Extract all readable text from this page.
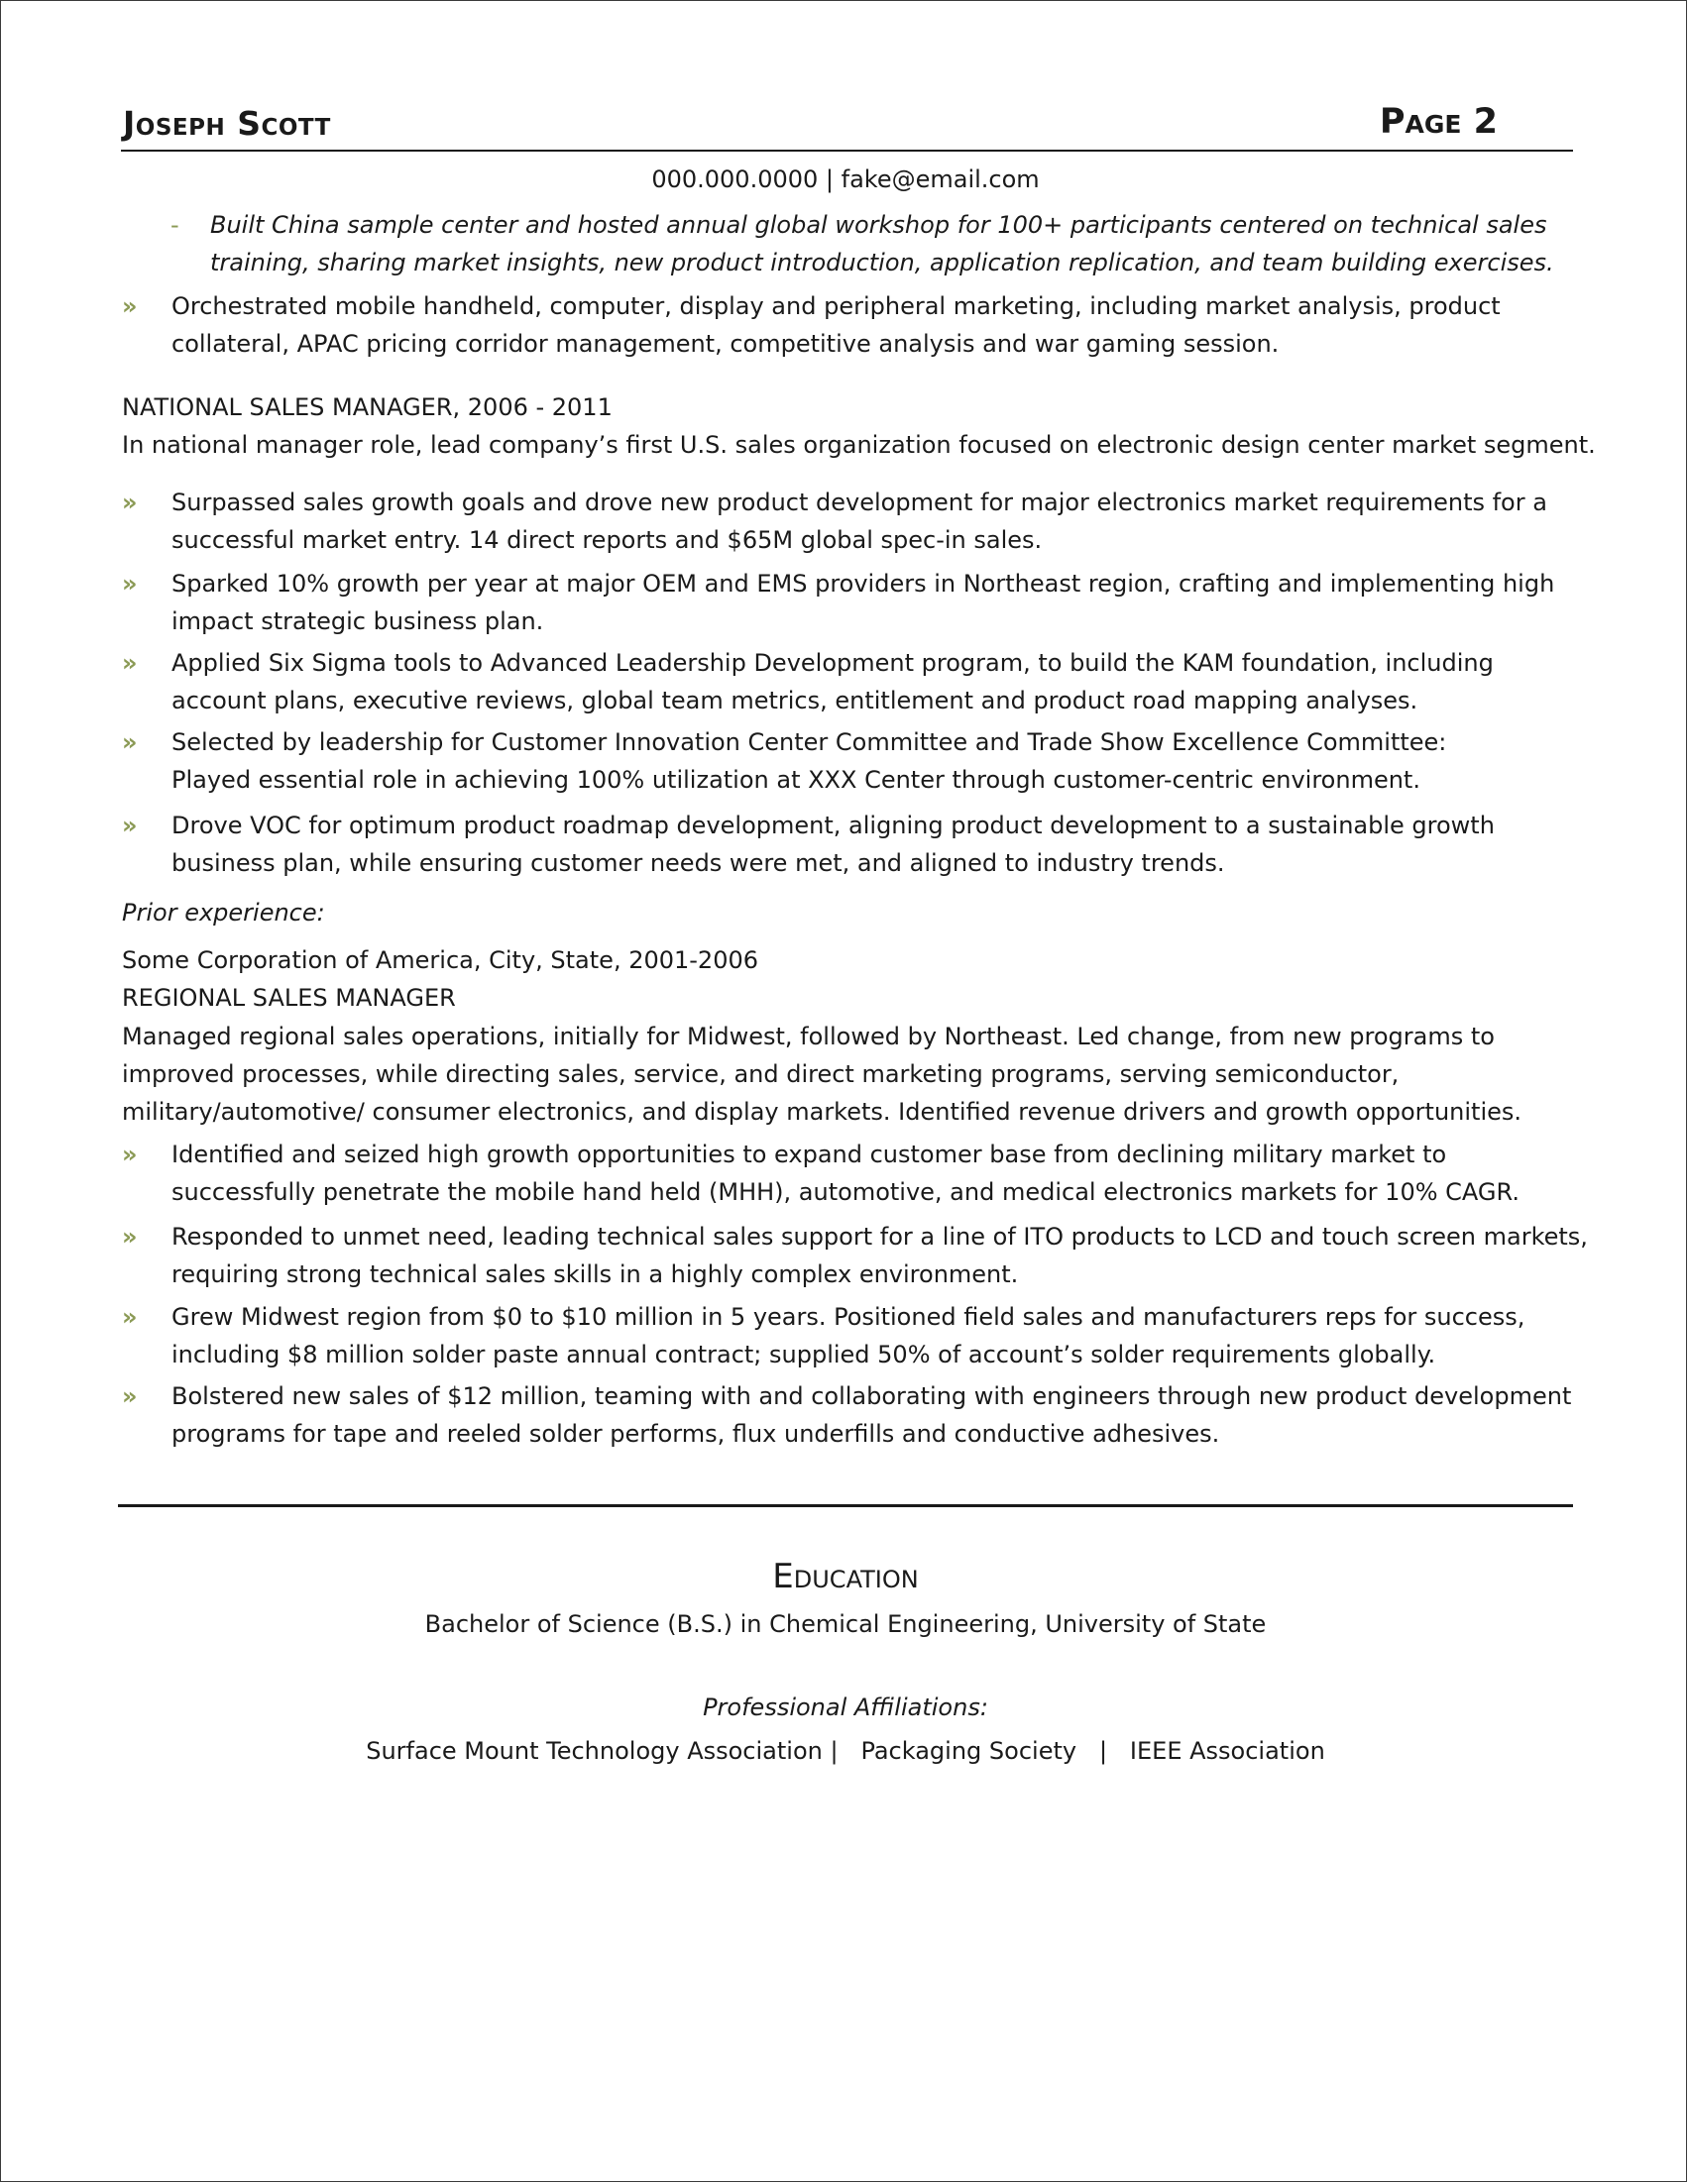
Joseph Scott	Page 2
000.000.0000 | fake@email.com
- Built China sample center and hosted annual global workshop for 100+ participants centered on technical sales
training, sharing market insights, new product introduction, application replication, and team building exercises.
» Orchestrated mobile handheld, computer, display and peripheral marketing, including market analysis, product
collateral, APAC pricing corridor management, competitive analysis and war gaming session.
NATIONAL SALES MANAGER, 2006 - 2011
In national manager role, lead company’s first U.S. sales organization focused on electronic design center market segment.
» Surpassed sales growth goals and drove new product development for major electronics market requirements for a
successful market entry. 14 direct reports and $65M global spec-in sales.
» Sparked 10% growth per year at major OEM and EMS providers in Northeast region, crafting and implementing high
impact strategic business plan.
» Applied Six Sigma tools to Advanced Leadership Development program, to build the KAM foundation, including
account plans, executive reviews, global team metrics, entitlement and product road mapping analyses.
» Selected by leadership for Customer Innovation Center Committee and Trade Show Excellence Committee:
Played essential role in achieving 100% utilization at XXX Center through customer-centric environment.
» Drove VOC for optimum product roadmap development, aligning product development to a sustainable growth
business plan, while ensuring customer needs were met, and aligned to industry trends.
Prior experience:
Some Corporation of America, City, State, 2001-2006
REGIONAL SALES MANAGER
Managed regional sales operations, initially for Midwest, followed by Northeast. Led change, from new programs to
improved processes, while directing sales, service, and direct marketing programs, serving semiconductor,
military/automotive/ consumer electronics, and display markets. Identified revenue drivers and growth opportunities.
» Identified and seized high growth opportunities to expand customer base from declining military market to
successfully penetrate the mobile hand held (MHH), automotive, and medical electronics markets for 10% CAGR.
» Responded to unmet need, leading technical sales support for a line of ITO products to LCD and touch screen markets,
requiring strong technical sales skills in a highly complex environment.
» Grew Midwest region from $0 to $10 million in 5 years. Positioned field sales and manufacturers reps for success,
including $8 million solder paste annual contract; supplied 50% of account’s solder requirements globally.
» Bolstered new sales of $12 million, teaming with and collaborating with engineers through new product development
programs for tape and reeled solder performs, flux underfills and conductive adhesives.
Education
Bachelor of Science (B.S.) in Chemical Engineering, University of State
Professional Affiliations:
Surface Mount Technology Association |   Packaging Society   |   IEEE Association
